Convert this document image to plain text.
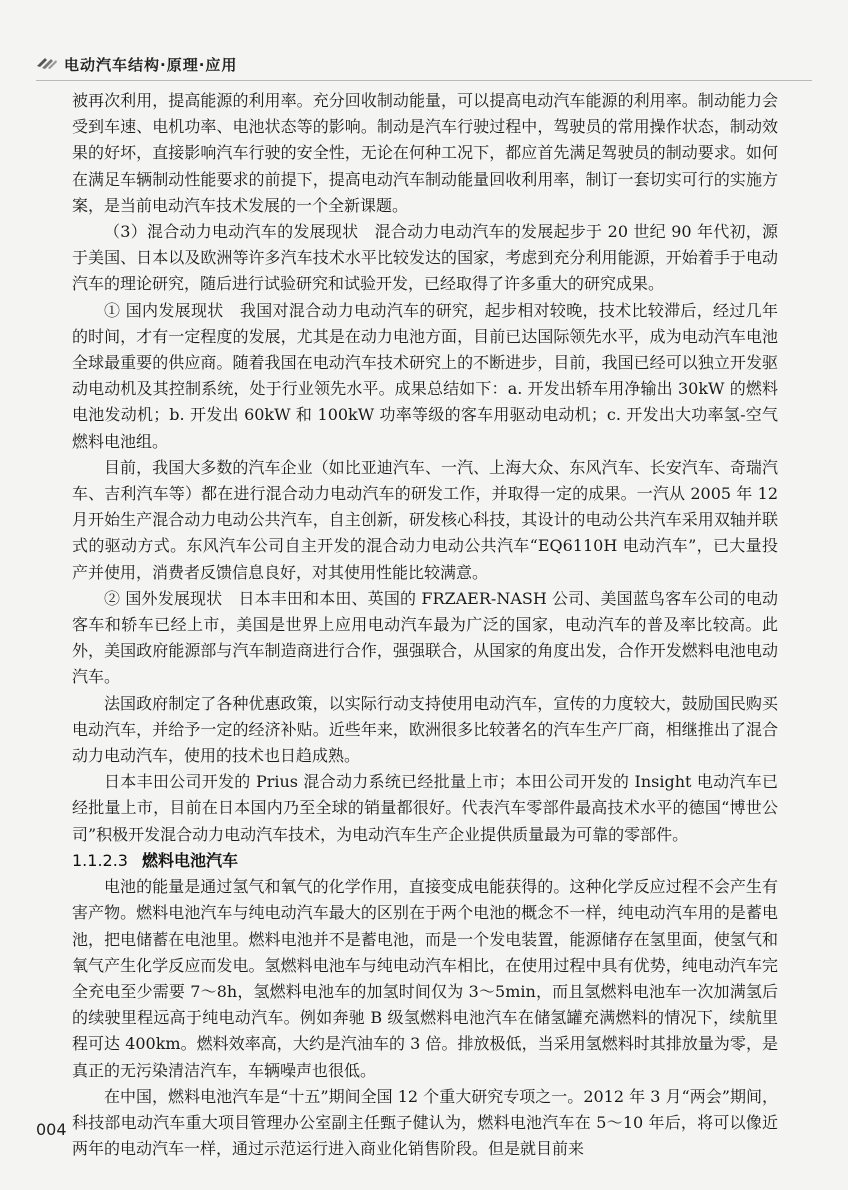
电动汽车结构·原理·应用

被再次利用，提高能源的利用率。充分回收制动能量，可以提高电动汽车能源的利用率。制动能力会受到车速、电机功率、电池状态等的影响。制动是汽车行驶过程中，驾驶员的常用操作状态，制动效果的好坏，直接影响汽车行驶的安全性，无论在何种工况下，都应首先满足驾驶员的制动要求。如何在满足车辆制动性能要求的前提下，提高电动汽车制动能量回收利用率，制订一套切实可行的实施方案，是当前电动汽车技术发展的一个全新课题。

（3）混合动力电动汽车的发展现状　混合动力电动汽车的发展起步于 20 世纪 90 年代初，源于美国、日本以及欧洲等许多汽车技术水平比较发达的国家，考虑到充分利用能源，开始着手于电动汽车的理论研究，随后进行试验研究和试验开发，已经取得了许多重大的研究成果。

① 国内发展现状　我国对混合动力电动汽车的研究，起步相对较晚，技术比较滞后，经过几年的时间，才有一定程度的发展，尤其是在动力电池方面，目前已达国际领先水平，成为电动汽车电池全球最重要的供应商。随着我国在电动汽车技术研究上的不断进步，目前，我国已经可以独立开发驱动电动机及其控制系统，处于行业领先水平。成果总结如下：a. 开发出轿车用净输出 30kW 的燃料电池发动机；b. 开发出 60kW 和 100kW 功率等级的客车用驱动电动机；c. 开发出大功率氢-空气燃料电池组。

目前，我国大多数的汽车企业（如比亚迪汽车、一汽、上海大众、东风汽车、长安汽车、奇瑞汽车、吉利汽车等）都在进行混合动力电动汽车的研发工作，并取得一定的成果。一汽从 2005 年 12 月开始生产混合动力电动公共汽车，自主创新，研发核心科技，其设计的电动公共汽车采用双轴并联式的驱动方式。东风汽车公司自主开发的混合动力电动公共汽车“EQ6110H 电动汽车”，已大量投产并使用，消费者反馈信息良好，对其使用性能比较满意。

② 国外发展现状　日本丰田和本田、英国的 FRZAER-NASH 公司、美国蓝鸟客车公司的电动客车和轿车已经上市，美国是世界上应用电动汽车最为广泛的国家，电动汽车的普及率比较高。此外，美国政府能源部与汽车制造商进行合作，强强联合，从国家的角度出发，合作开发燃料电池电动汽车。

法国政府制定了各种优惠政策，以实际行动支持使用电动汽车，宣传的力度较大，鼓励国民购买电动汽车，并给予一定的经济补贴。近些年来，欧洲很多比较著名的汽车生产厂商，相继推出了混合动力电动汽车，使用的技术也日趋成熟。

日本丰田公司开发的 Prius 混合动力系统已经批量上市；本田公司开发的 Insight 电动汽车已经批量上市，目前在日本国内乃至全球的销量都很好。代表汽车零部件最高技术水平的德国“博世公司”积极开发混合动力电动汽车技术，为电动汽车生产企业提供质量最为可靠的零部件。

1.1.2.3 燃料电池汽车

电池的能量是通过氢气和氧气的化学作用，直接变成电能获得的。这种化学反应过程不会产生有害产物。燃料电池汽车与纯电动汽车最大的区别在于两个电池的概念不一样，纯电动汽车用的是蓄电池，把电储蓄在电池里。燃料电池并不是蓄电池，而是一个发电装置，能源储存在氢里面，使氢气和氧气产生化学反应而发电。氢燃料电池车与纯电动汽车相比，在使用过程中具有优势，纯电动汽车完全充电至少需要 7～8h，氢燃料电池车的加氢时间仅为 3～5min，而且氢燃料电池车一次加满氢后的续驶里程远高于纯电动汽车。例如奔驰 B 级氢燃料电池汽车在储氢罐充满燃料的情况下，续航里程可达 400km。燃料效率高，大约是汽油车的 3 倍。排放极低，当采用氢燃料时其排放量为零，是真正的无污染清洁汽车，车辆噪声也很低。

在中国，燃料电池汽车是“十五”期间全国 12 个重大研究专项之一。2012 年 3 月“两会”期间，科技部电动汽车重大项目管理办公室副主任甄子健认为，燃料电池汽车在 5～10 年后，将可以像近两年的电动汽车一样，通过示范运行进入商业化销售阶段。但是就目前来

004
